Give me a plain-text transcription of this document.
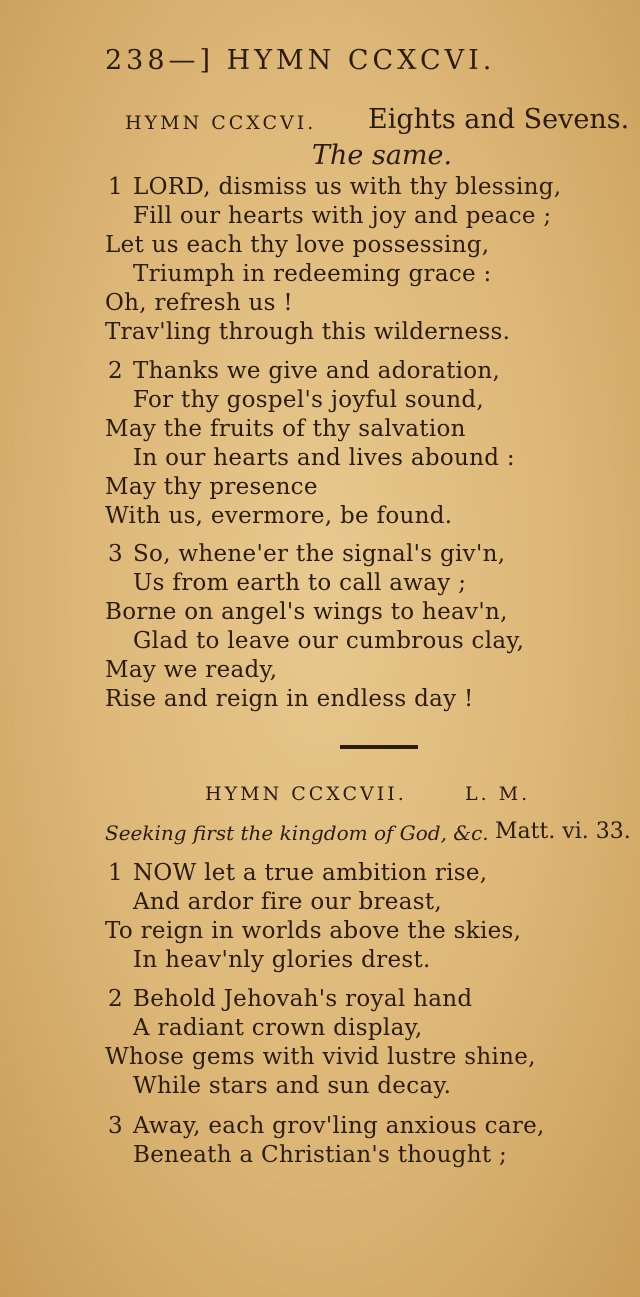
238—] HYMN CCXCVI.
HYMN CCXCVI. Eights and Sevens.
The same.
1 LORD, dismiss us with thy blessing,
Fill our hearts with joy and peace ;
Let us each thy love possessing,
Triumph in redeeming grace :
Oh, refresh us !
Trav'ling through this wilderness.
2 Thanks we give and adoration,
For thy gospel's joyful sound,
May the fruits of thy salvation
In our hearts and lives abound :
May thy presence
With us, evermore, be found.
3 So, whene'er the signal's giv'n,
Us from earth to call away ;
Borne on angel's wings to heav'n,
Glad to leave our cumbrous clay,
May we ready,
Rise and reign in endless day !
HYMN CCXCVII.	L. M.
Seeking first the kingdom of God, &c. Matt. vi. 33.
1 NOW let a true ambition rise,
And ardor fire our breast,
To reign in worlds above the skies,
In heav'nly glories drest.
2 Behold Jehovah's royal hand
A radiant crown display,
Whose gems with vivid lustre shine,
While stars and sun decay.
3 Away, each grov'ling anxious care,
Beneath a Christian's thought ;
